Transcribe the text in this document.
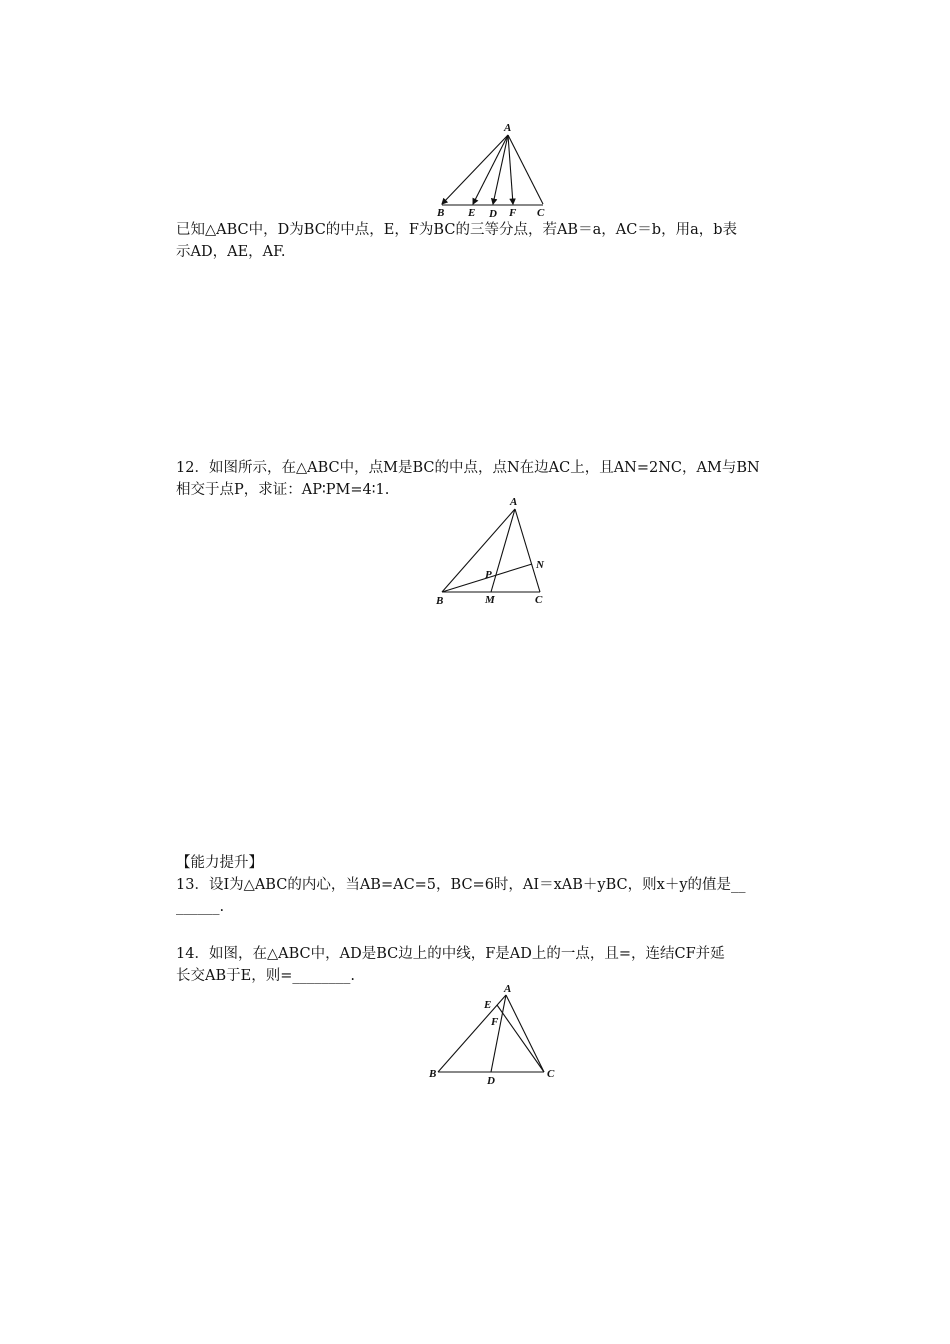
A
B E D F C
已知△ABC中，D为BC的中点，E，F为BC的三等分点，若AB＝a，AC＝b，用a，b表
示AD，AE，AF.
12．如图所示，在△ABC中，点M是BC的中点，点N在边AC上，且AN=2NC，AM与BN
相交于点P，求证：AP∶PM=4∶1.
A
N
P
B	M	C
【能力提升】
13．设I为△ABC的内心，当AB=AC=5，BC=6时，AI＝xAB＋yBC，则x＋y的值是__
______.
14．如图，在△ABC中，AD是BC边上的中线，F是AD上的一点，且=，连结CF并延
长交AB于E，则=________.
E
A
F
B
D
C
